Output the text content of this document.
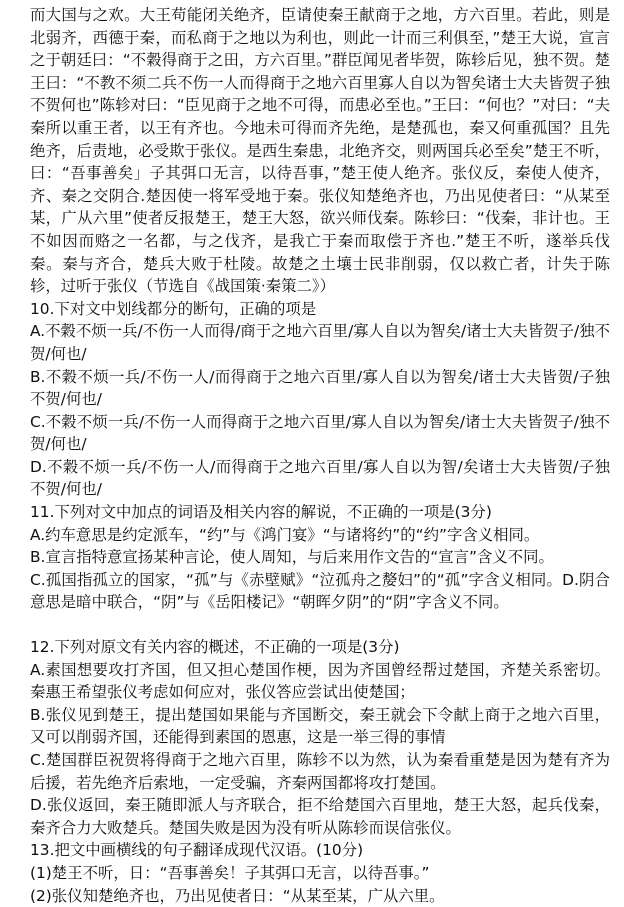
而大国与之欢。大王苟能闭关绝齐，臣请使秦王献商于之地，方六百里。若此，则是北弱齐，西德于秦，而私商于之地以为利也，则此一计而三利俱至，”楚王大说，宣言之于朝廷曰：“不穀得商于之田，方六百里。”群臣闻见者毕贺，陈轸后见，独不贺。楚王曰：“不教不须二兵不伤一人而得商于之地六百里寡人自以为智矣诸士大夫皆贺子独不贺何也”陈轸对曰：“臣见商于之地不可得，而患必至也。”王曰：“何也？”对曰：“夫秦所以重王者，以王有齐也。今地未可得而齐先绝，是楚孤也，秦又何重孤国？且先绝齐，后责地，必受欺于张仪。是西生秦患，北绝齐交，则两国兵必至矣”楚王不听，曰：“吾事善矣」子其弭口无言，以待吾事，”楚王使人绝齐。张仪反，秦使人使齐，齐、秦之交阴合.楚因使一将军受地于秦。张仪知楚绝齐也，乃出见使者曰：“从某至某，广从六里”使者反报楚王，楚王大怒，欲兴师伐秦。陈轸曰：“伐秦，非计也。王不如因而赂之一名都，与之伐齐，是我亡于秦而取偿于齐也.”楚王不听，遂举兵伐秦。秦与齐合，楚兵大败于杜陵。故楚之土壤士民非削弱，仅以救亡者，计失于陈轸，过听于张仪（节选自《战国策·秦策二》）

10.下对文中划线都分的断句，正确的项是

A.不穀不烦一兵/不伤一人而得/商于之地六百里/寡人自以为智矣/诸士大夫皆贺子/独不贺/何也/

B.不穀不烦一兵/不伤一人/而得商于之地六百里/寡人自以为智矣/诸士大夫皆贺/子独不贺/何也/

C.不穀不烦一兵/不伤一人而得商于之地六百里/寡人自以为智矣/诸士大夫皆贺子/独不贺/何也/

D.不穀不烦一兵/不伤一人/而得商于之地六百里/寡人自以为智/矣诸士大夫皆贺/子独不贺/何也/

11.下列对文中加点的词语及相关内容的解说，不正确的一项是(3分)

A.约车意思是约定派车，“约”与《鸿门宴》“与诸将约”的“约”字含义相同。

B.宣言指特意宣扬某种言论，使人周知，与后来用作文告的“宣言”含义不同。

C.孤国指孤立的国家，“孤”与《赤壁赋》“泣孤舟之嫠妇”的“孤”字含义相同。D.阴合意思是暗中联合，“阴”与《岳阳楼记》“朝晖夕阴”的“阴”字含义不同。

12.下列对原文有关内容的概述，不正确的一项是(3分)

A.素国想要攻打齐国，但又担心楚国作梗，因为齐国曾经帮过楚国，齐楚关系密切。秦惠王希望张仪考虑如何应对，张仪答应尝试出使楚国；

B.张仪见到楚王，提出楚国如果能与齐国断交，秦王就会下令献上商于之地六百里，又可以削弱齐国，还能得到素国的恩惠，这是一举三得的事情

C.楚国群臣祝贺将得商于之地六百里，陈轸不以为然，认为秦看重楚是因为楚有齐为后援，若先绝齐后索地，一定受骗，齐秦两国都将攻打楚国。

D.张仪返回，秦王随即派人与齐联合，拒不给楚国六百里地，楚王大怒，起兵伐秦，秦齐合力大败楚兵。楚国失败是因为没有听从陈轸而误信张仪。

13.把文中画横线的句子翻译成现代汉语。(10分)

(1)楚王不听，日：“吾事善矣！子其弭口无言，以待吾事。”

(2)张仪知楚绝齐也，乃出见使者日：“从某至某，广从六里。
